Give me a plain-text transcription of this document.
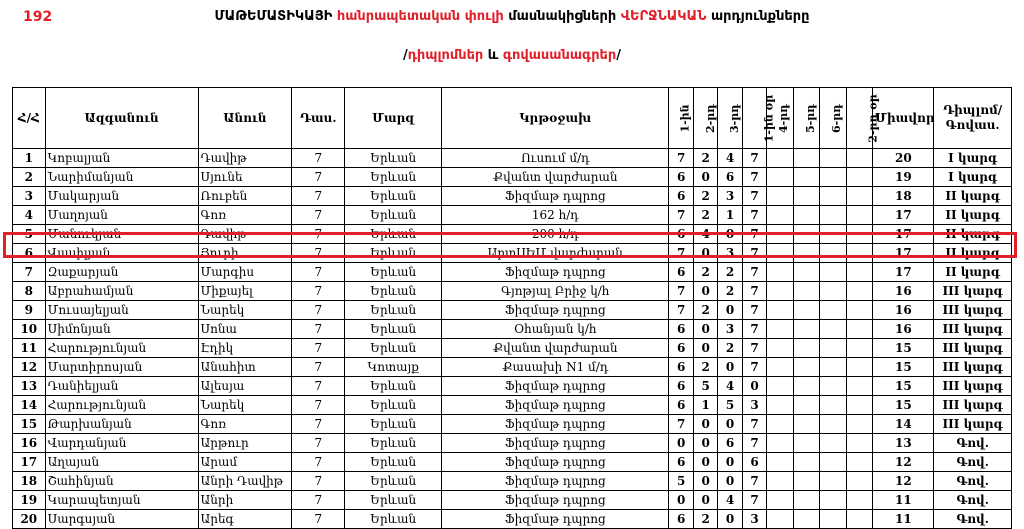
192	ՄԱԹԵՄԱՏԻԿԱՅԻ հանրապետական փուլի մասնակիցների ՎԵՐՋՆԱԿԱՆ արդյունքները
/դիպլոմներ և գովասանագրեր/
Հ/Հ	Ազգանուն	Անուն	Դաս.	Մարզ	Կրթօջախ	1-ին	2-րդ	3-րդ	1-ին օր	4-րդ	5-րդ	6-րդ	2-րդ օր	Միավոր	Դիպլոմ/ Գովաս.
1	Կոբալյան	Դավիթ	7	Երևան	Ուսում մ/դ	7	2	4	7					20	I կարգ
2	Նարիմանյան	Սյունե	7	Երևան	Քվանտ վարժարան	6	0	6	7					19	I կարգ
3	Մակարյան	Ռուբեն	7	Երևան	Ֆիզմաթ դպրոց	6	2	3	7					18	II կարգ
4	Մաղոյան	Գոռ	7	Երևան	162 հ/դ	7	2	1	7					17	II կարգ
5	Մանուկյան	Դավիթ	7	Երևան	200 հ/դ	6	4	0	7					17	II կարգ
6	Վասիլյան	Յուրի	7	Երևան	ԱրտՍԵՄ վարժարան	7	0	3	7					17	II կարգ
7	Զաքարյան	Մարգիս	7	Երևան	Ֆիզմաթ դպրոց	6	2	2	7					17	II կարգ
8	Աբրահամյան	Միքայել	7	Երևան	Գյոթյալ Բրիջ կ/հ	7	0	2	7					16	III կարգ
9	Մուսայելյան	Նարեկ	7	Երևան	Ֆիզմաթ դպրոց	7	2	0	7					16	III կարգ
10	Սիմոնյան	Սոնա	7	Երևան	Օհանյան կ/հ	6	0	3	7					16	III կարգ
11	Հարությունյան	Էդիկ	7	Երևան	Քվանտ վարժարան	6	0	2	7					15	III կարգ
12	Մարտիրոսյան	Անահիտ	7	Կոտայք	Քասախի N1 մ/դ	6	2	0	7					15	III կարգ
13	Դանիելյան	Ալեսյա	7	Երևան	Ֆիզմաթ դպրոց	6	5	4	0					15	III կարգ
14	Հարությունյան	Նարեկ	7	Երևան	Ֆիզմաթ դպրոց	6	1	5	3					15	III կարգ
15	Թարխանյան	Գոռ	7	Երևան	Ֆիզմաթ դպրոց	7	0	0	7					14	III կարգ
16	Վարդանյան	Արթուր	7	Երևան	Ֆիզմաթ դպրոց	0	0	6	7					13	Գով.
17	Աղայան	Արամ	7	Երևան	Ֆիզմաթ դպրոց	6	0	0	6					12	Գով.
18	Շահինյան	Անրի Դավիթ	7	Երևան	Ֆիզմաթ դպրոց	5	0	0	7					12	Գով.
19	Կարապետյան	Անրի	7	Երևան	Ֆիզմաթ դպրոց	0	0	4	7					11	Գով.
20	Սարգսյան	Արեգ	7	Երևան	Ֆիզմաթ դպրոց	6	2	0	3					11	Գով.
